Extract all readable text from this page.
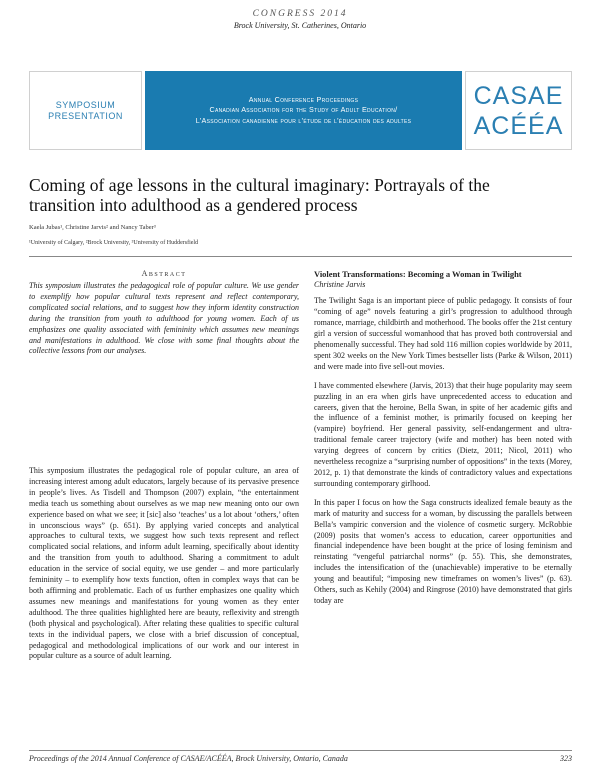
CONGRESS 2014
Brock University, St. Catherines, Ontario
SYMPOSIUM
PRESENTATION
Annual Conference Proceedings
Canadian Association for the Study of Adult Education/
L’Association canadienne pour l’étude de l’éducation des adultes
CASAE
ACÉÉA
Coming of age lessons in the cultural imaginary: Portrayals of the transition into adulthood as a gendered process
Kaela Jubas¹, Christine Jarvis² and Nancy Taber³
¹University of Calgary, ²Brock University, ³University of Huddersfield
Abstract
This symposium illustrates the pedagogical role of popular culture. We use gender to exemplify how popular cultural texts represent and reflect contemporary, complicated social relations, and to suggest how they inform identity construction during the transition from youth to adulthood for young women. Each of us emphasizes one quality associated with femininity which assumes new meanings and manifestations in adulthood. We close with some final thoughts about the collective lessons from our analyses.
This symposium illustrates the pedagogical role of popular culture, an area of increasing interest among adult educators, largely because of its pervasive presence in people’s lives. As Tisdell and Thompson (2007) explain, “the entertainment media teach us something about ourselves as we map new meaning onto our own experience based on what we see; it [sic] also ‘teaches’ us a lot about ‘others,’ often in unconscious ways” (p. 651). By applying varied concepts and analytical approaches to cultural texts, we suggest how such texts represent and reflect complicated social relations, and inform adult learning, specifically about identity and the transition from youth to adulthood. Sharing a commitment to adult education in the service of social equity, we use gender – and more particularly femininity – to exemplify how texts function, often in complex ways that can be both affirming and problematic. Each of us further emphasizes one quality which assumes new meanings and manifestations for young women as they enter adulthood. The three qualities highlighted here are beauty, reflexivity and strength (both physical and psychological). After relating these qualities to specific cultural texts in the individual papers, we close with a brief discussion of conceptual, pedagogical and methodological implications of our work and our interest in popular culture as a source of adult learning.

Violent Transformations: Becoming a Woman in Twilight

Christine Jarvis

The Twilight Saga is an important piece of public pedagogy. It consists of four “coming of age” novels featuring a girl’s progression to adulthood through romance, marriage, childbirth and motherhood. The books offer the 21st century girl a version of successful womanhood that has proved both controversial and phenomenally successful. They had sold 116 million copies worldwide by 2011, spent 302 weeks on the New York Times bestseller lists (Parke & Wilson, 2011) and were made into five sell-out movies.

I have commented elsewhere (Jarvis, 2013) that their huge popularity may seem puzzling in an era when girls have unprecedented access to education and careers, given that the heroine, Bella Swan, in spite of her academic gifts and the influence of a feminist mother, is primarily focused on keeping her (vampire) boyfriend. Her general passivity, self-endangerment and ultra-traditional female career trajectory (wife and mother) has been noted with varying degrees of concern by critics (Dietz, 2011; Nicol, 2011) who nevertheless recognize a “surprising number of oppositions” in the texts (Morey, 2012, p. 1) that demonstrate the kinds of contradictory values and expectations surrounding contemporary girlhood.

In this paper I focus on how the Saga constructs idealized female beauty as the mark of maturity and success for a woman, by discussing the parallels between Bella’s vampiric conversion and the violence of cosmetic surgery. McRobbie (2009) posits that women’s access to education, career opportunities and financial independence have been bought at the price of losing feminism and reinstating “vengeful patriarchal norms” (p. 55). This, she demonstrates, includes the intensification of the (unachievable) imperative to be eternally young and beautiful; “imposing new timeframes on women’s lives” (p. 63). Others, such as Kehily (2004) and Ringrose (2010) have demonstrated that girls today are

Proceedings of the 2014 Annual Conference of CASAE/ACÉÉA, Brock University, Ontario, Canada	323
